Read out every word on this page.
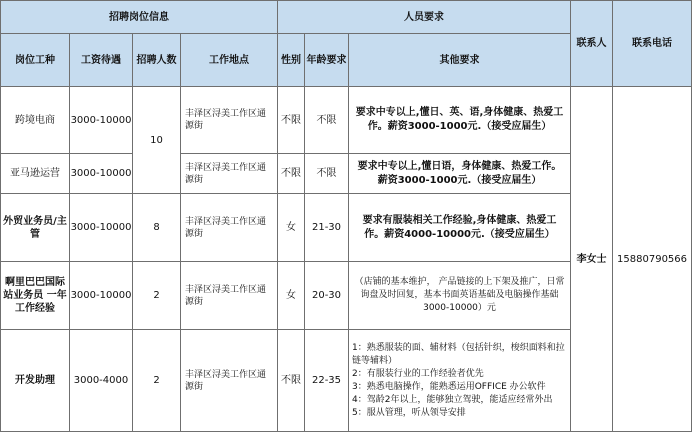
招聘岗位信息				人员要求			联系人	联系电话
岗位工种	工资待遇	招聘人数	工作地点	性别	年龄要求	其他要求		
跨境电商	3000-10000	10	丰泽区浔美工作区通源街	不限	不限	要求中专以上,懂日、英、语,身体健康、热爱工作。薪资3000-1000元.（接受应届生）	李女士	15880790566
亚马逊运营	3000-10000		丰泽区浔美工作区通源街	不限	不限	要求中专以上,懂日语，身体健康、热爱工作。薪资3000-1000元.（接受应届生）		
外贸业务员/主管	3000-10000	8	丰泽区浔美工作区通源街	女	21-30	要求有服装相关工作经验,身体健康、热爱工作。薪资4000-10000元.（接受应届生）		
啊里巴巴国际站业务员 一年工作经验	3000-10000	2	丰泽区浔美工作区通源街	女	20-30	（店铺的基本维护， 产品链接的上下架及推广，日常询盘及时回复，基本书面英语基础及电脑操作基础3000-10000）元		
开发助理	3000-4000	2	丰泽区浔美工作区通源街	不限	22-35	1：熟悉服装的面、辅材料（包括针织，梭织面料和拉链等辅料）
2：有服装行业的工作经验者优先
3：熟悉电脑操作，能熟悉运用OFFICE 办公软件
4：驾龄2年以上，能够独立驾驶，能适应经常外出
5：服从管理，听从领导安排		
